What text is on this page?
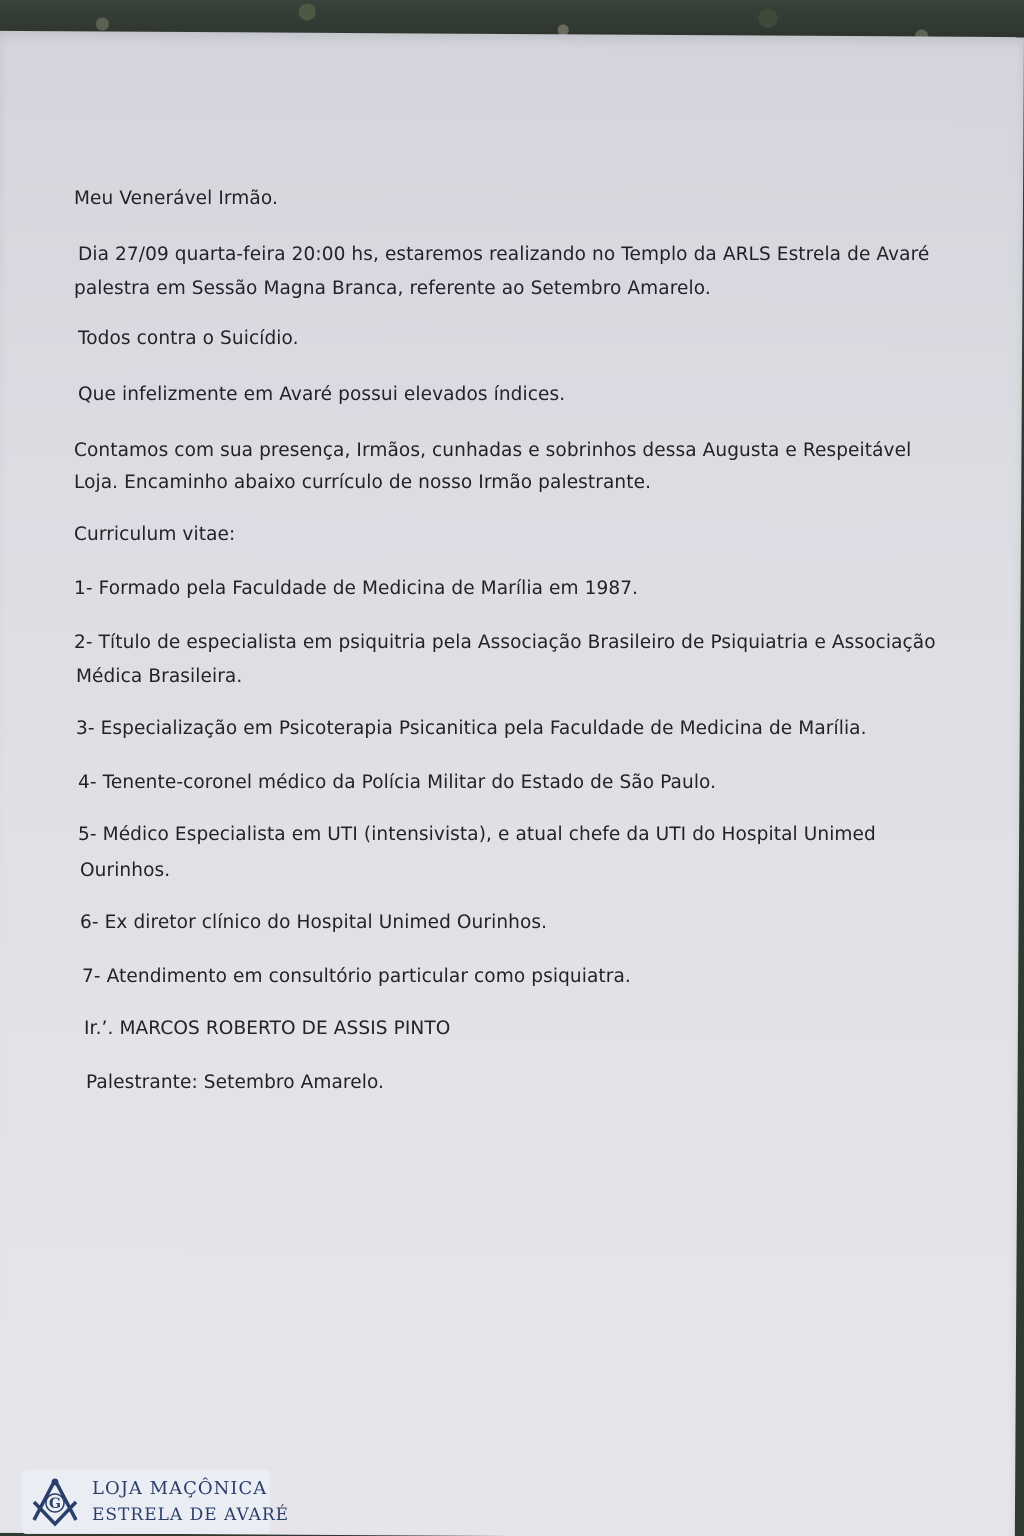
Meu Venerável Irmão.
Dia 27/09 quarta-feira 20:00 hs, estaremos realizando no Templo da ARLS Estrela de Avaré
palestra em Sessão Magna Branca, referente ao Setembro Amarelo.
Todos contra o Suicídio.
Que infelizmente em Avaré possui elevados índices.
Contamos com sua presença, Irmãos, cunhadas e sobrinhos dessa Augusta e Respeitável
Loja. Encaminho abaixo currículo de nosso Irmão palestrante.
Curriculum vitae:
1- Formado pela Faculdade de Medicina de Marília em 1987.
2- Título de especialista em psiquitria pela Associação Brasileiro de Psiquiatria e Associação
Médica Brasileira.
3- Especialização em Psicoterapia Psicanitica pela Faculdade de Medicina de Marília.
4- Tenente-coronel médico da Polícia Militar do Estado de São Paulo.
5- Médico Especialista em UTI (intensivista), e atual chefe da UTI do Hospital Unimed
Ourinhos.
6- Ex diretor clínico do Hospital Unimed Ourinhos.
7- Atendimento em consultório particular como psiquiatra.
Ir.’. MARCOS ROBERTO DE ASSIS PINTO
Palestrante: Setembro Amarelo.
G
LOJA MAÇÔNICA
ESTRELA DE AVARÉ
